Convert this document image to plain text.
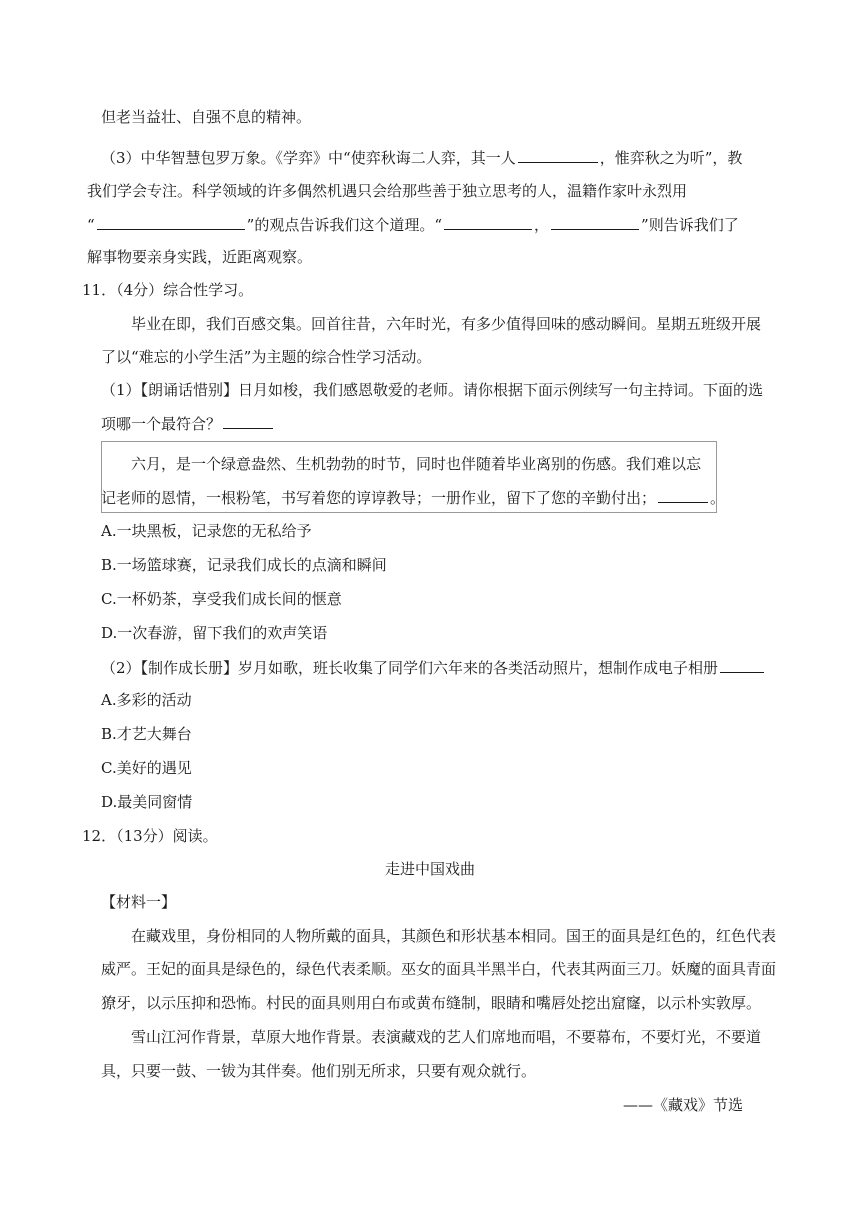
但老当益壮、自强不息的精神。
（3）中华智慧包罗万象。《学弈》中“使弈秋诲二人弈，其一人	，惟弈秋之为听”，教
我们学会专注。科学领域的许多偶然机遇只会给那些善于独立思考的人，温籍作家叶永烈用
“	”的观点告诉我们这个道理。“	，	”则告诉我们了
解事物要亲身实践，近距离观察。
11．（4分）综合性学习。
毕业在即，我们百感交集。回首往昔，六年时光，有多少值得回味的感动瞬间。星期五班级开展
了以“难忘的小学生活”为主题的综合性学习活动。
（1）【朗诵话惜别】日月如梭，我们感恩敬爱的老师。请你根据下面示例续写一句主持词。下面的选
项哪一个最符合？
六月，是一个绿意盎然、生机勃勃的时节，同时也伴随着毕业离别的伤感。我们难以忘
记老师的恩情，一根粉笔，书写着您的谆谆教导；一册作业，留下了您的辛勤付出；	。
A.一块黑板，记录您的无私给予
B.一场篮球赛，记录我们成长的点滴和瞬间
C.一杯奶茶，享受我们成长间的惬意
D.一次春游，留下我们的欢声笑语
（2）【制作成长册】岁月如歌，班长收集了同学们六年来的各类活动照片，想制作成电子相册
A.多彩的活动
B.才艺大舞台
C.美好的遇见
D.最美同窗情
12．（13分）阅读。
走进中国戏曲
【材料一】
在藏戏里，身份相同的人物所戴的面具，其颜色和形状基本相同。国王的面具是红色的，红色代表
威严。王妃的面具是绿色的，绿色代表柔顺。巫女的面具半黑半白，代表其两面三刀。妖魔的面具青面
獠牙，以示压抑和恐怖。村民的面具则用白布或黄布缝制，眼睛和嘴唇处挖出窟窿，以示朴实敦厚。
雪山江河作背景，草原大地作背景。表演藏戏的艺人们席地而唱，不要幕布，不要灯光，不要道
具，只要一鼓、一钹为其伴奏。他们别无所求，只要有观众就行。
——《藏戏》节选
